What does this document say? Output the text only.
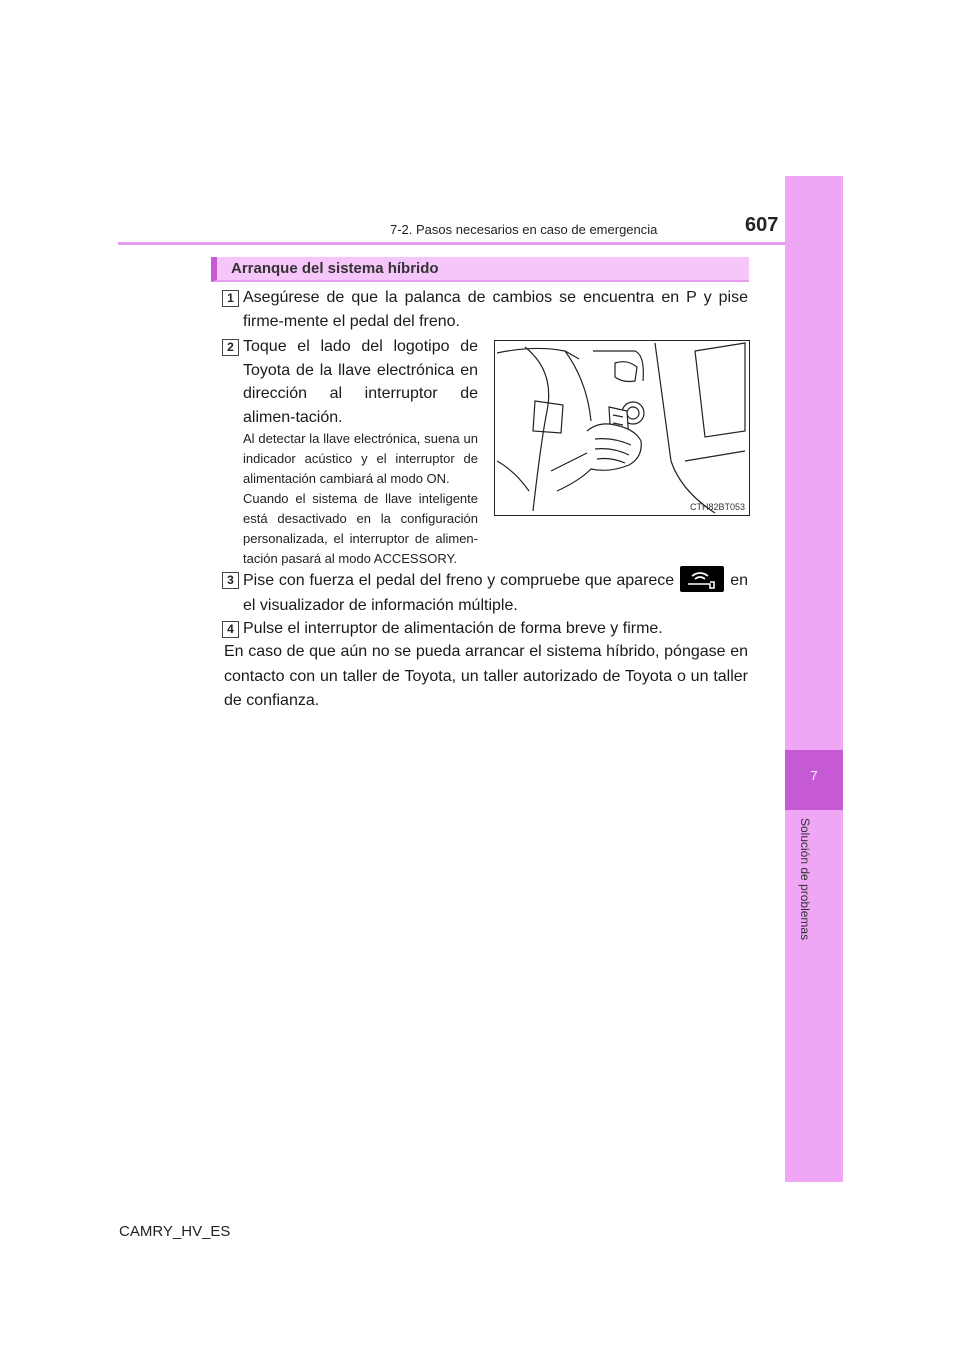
7
Solución de problemas
7-2. Pasos necesarios en caso de emergencia	607
Arranque del sistema híbrido
1 Asegúrese de que la palanca de cambios se encuentra en P y pise firme-mente el pedal del freno.
2 Toque el lado del logotipo de Toyota de la llave electrónica en dirección al interruptor de alimen-tación.
Al detectar la llave electrónica, suena un indicador acústico y el interruptor de alimentación cambiará al modo ON.
Cuando el sistema de llave inteligente está desactivado en la configuración personalizada, el interruptor de alimen-tación pasará al modo ACCESSORY.
CTH82BT053
3 Pise con fuerza el pedal del freno y compruebe que aparece	en el visualizador de información múltiple.
4 Pulse el interruptor de alimentación de forma breve y firme.
En caso de que aún no se pueda arrancar el sistema híbrido, póngase en contacto con un taller de Toyota, un taller autorizado de Toyota o un taller de confianza.
CAMRY_HV_ES
